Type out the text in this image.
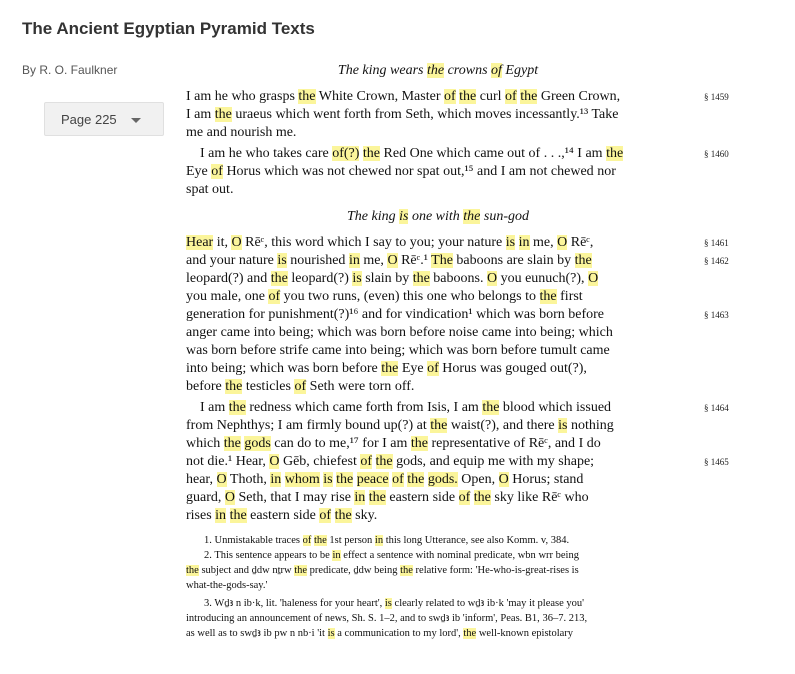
The Ancient Egyptian Pyramid Texts
By R. O. Faulkner
Page 225
The king wears the crowns of Egypt
I am he who grasps the White Crown, Master of the curl of the Green Crown,
I am the uraeus which went forth from Seth, which moves incessantly.¹³ Take
me and nourish me.
I am he who takes care of(?) the Red One which came out of . . .,¹⁴ I am the
Eye of Horus which was not chewed nor spat out,¹⁵ and I am not chewed nor
spat out.
The king is one with the sun-god
Hear it, O Rēᶜ, this word which I say to you; your nature is in me, O Rēᶜ,
and your nature is nourished in me, O Rēᶜ.¹ The baboons are slain by the
leopard(?) and the leopard(?) is slain by the baboons. O you eunuch(?), O
you male, one of you two runs, (even) this one who belongs to the first
generation for punishment(?)¹⁶ and for vindication¹ which was born before
anger came into being; which was born before noise came into being; which
was born before strife came into being; which was born before tumult came
into being; which was born before the Eye of Horus was gouged out(?),
before the testicles of Seth were torn off.
I am the redness which came forth from Isis, I am the blood which issued
from Nephthys; I am firmly bound up(?) at the waist(?), and there is nothing
which the gods can do to me,¹⁷ for I am the representative of Rēᶜ, and I do
not die.¹ Hear, O Gēb, chiefest of the gods, and equip me with my shape;
hear, O Thoth, in whom is the peace of the gods. Open, O Horus; stand
guard, O Seth, that I may rise in the eastern side of the sky like Rēᶜ who
rises in the eastern side of the sky.
1. Unmistakable traces of the 1st person in this long Utterance, see also Komm. v, 384.
2. This sentence appears to be in effect a sentence with nominal predicate, wbn wrr being
the subject and ḏdw nṯrw the predicate, ḏdw being the relative form: 'He-who-is-great-rises is
what-the-gods-say.'
3. Wḏꜣ n ib·k, lit. 'haleness for your heart', is clearly related to wḏꜣ ib·k 'may it please you'
introducing an announcement of news, Sh. S. 1–2, and to swḏꜣ ib 'inform', Peas. B1, 36–7. 213,
as well as to swḏꜣ ib pw n nb·i 'it is a communication to my lord', the well-known epistolary
§ 1459
§ 1460
§ 1461
§ 1462
§ 1463
§ 1464
§ 1465
